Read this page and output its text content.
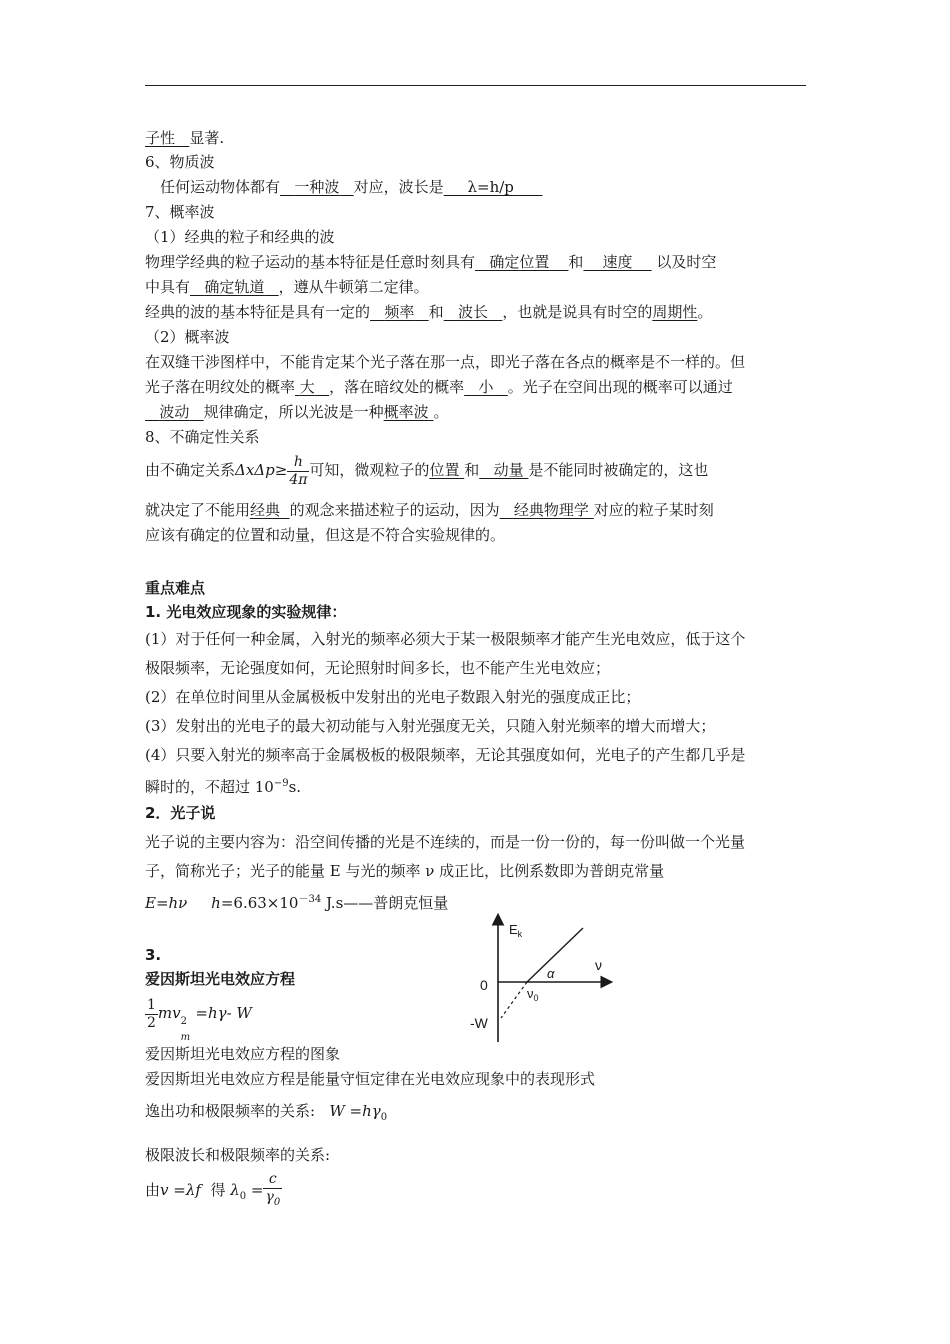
子性 显著.
6、物质波
任何运动物体都有 一种波 对应，波长是 λ=h/p
7、概率波
（1）经典的粒子和经典的波
物理学经典的粒子运动的基本特征是任意时刻具有 确定位置 和 速度 以及时空
中具有 确定轨道 ，遵从牛顿第二定律。
经典的波的基本特征是具有一定的 频率 和 波长 ，也就是说具有时空的周期性。
（2）概率波
在双缝干涉图样中，不能肯定某个光子落在那一点，即光子落在各点的概率是不一样的。但
光子落在明纹处的概率 大 ，落在暗纹处的概率 小 。光子在空间出现的概率可以通过
波动 规律确定，所以光波是一种概率波 。
8、不确定性关系
由不确定关系$\Delta x\Delta p\ge \frac{h}{4\pi}$ 可知，微观粒子的位置 和 动量 是不能同时被确定的，这也
就决定了不能用经典 的观念来描述粒子的运动，因为 经典物理学 对应的粒子某时刻
应该有确定的位置和动量，但这是不符合实验规律的。
重点难点
1. 光电效应现象的实验规律：
(1）对于任何一种金属，入射光的频率必须大于某一极限频率才能产生光电效应，低于这个
极限频率，无论强度如何，无论照射时间多长，也不能产生光电效应；
(2）在单位时间里从金属极板中发射出的光电子数跟入射光的强度成正比；
(3）发射出的光电子的最大初动能与入射光强度无关，只随入射光频率的增大而增大；
(4）只要入射光的频率高于金属极板的极限频率，无论其强度如何，光电子的产生都几乎是
瞬时的，不超过 $10^{-9}s$.
2．光子说
光子说的主要内容为：沿空间传播的光是不连续的，而是一份一份的，每一份叫做一个光量
子，简称光子；光子的能量 E 与光的频率 ν 成正比，比例系数即为普朗克常量
E=hν $h=6.63\times 10^{-34}$ J.s——普朗克恒量
3.
爱因斯坦光电效应方程
$\frac{1}{2}$ mv 2
m
=hγ- W
爱因斯坦光电效应方程的图象
爱因斯坦光电效应方程是能量守恒定律在光电效应现象中的表现形式
逸出功和极限频率的关系: $W =h\gamma_0$
极限波长和极限频率的关系:
由v =λf 得 $\lambda_0 = \frac{c}{\gamma_0}$
$E_k$
ν
0
-W
$\nu_0$
α
